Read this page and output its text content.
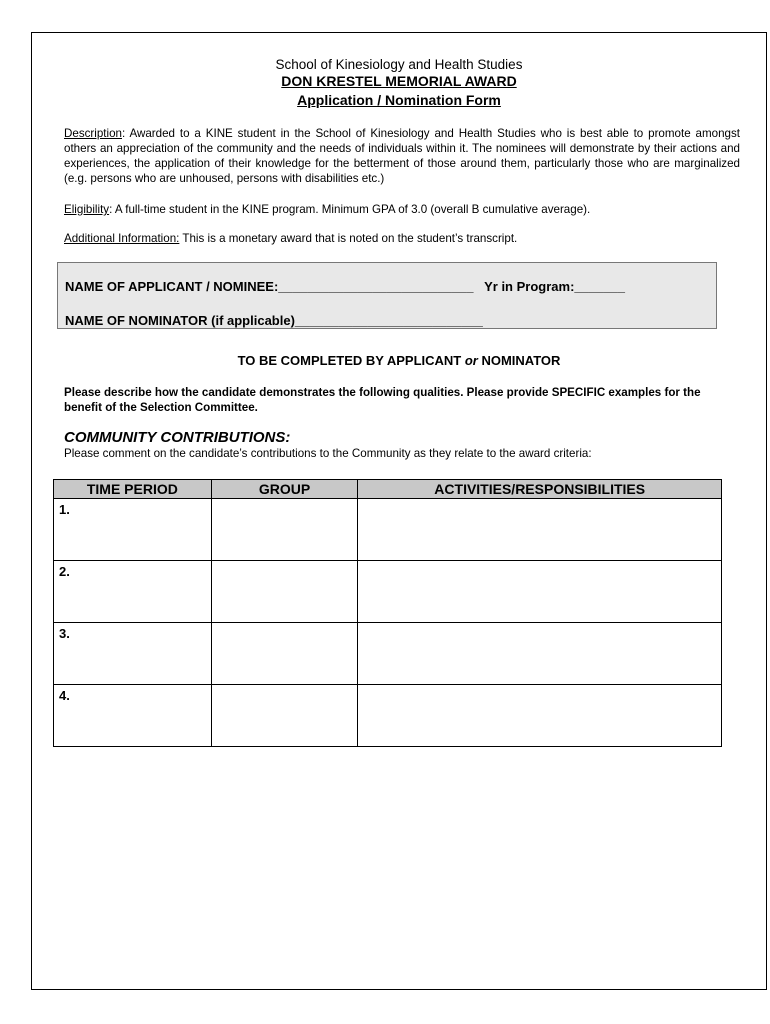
School of Kinesiology and Health Studies
DON KRESTEL MEMORIAL AWARD
Application / Nomination Form
Description: Awarded to a KINE student in the School of Kinesiology and Health Studies who is best able to promote amongst others an appreciation of the community and the needs of individuals within it. The nominees will demonstrate by their actions and experiences, the application of their knowledge for the betterment of those around them, particularly those who are marginalized (e.g. persons who are unhoused, persons with disabilities etc.)
Eligibility: A full-time student in the KINE program. Minimum GPA of 3.0 (overall B cumulative average).
Additional Information: This is a monetary award that is noted on the student’s transcript.
NAME OF APPLICANT / NOMINEE:___________________________   Yr in Program:_______
NAME OF NOMINATOR (if applicable)__________________________
TO BE COMPLETED BY APPLICANT or NOMINATOR
Please describe how the candidate demonstrates the following qualities. Please provide SPECIFIC examples for the benefit of the Selection Committee.
COMMUNITY CONTRIBUTIONS:
Please comment on the candidate’s contributions to the Community as they relate to the award criteria:
TIME PERIOD	GROUP	ACTIVITIES/RESPONSIBILITIES
1.		
2.		
3.		
4.		
